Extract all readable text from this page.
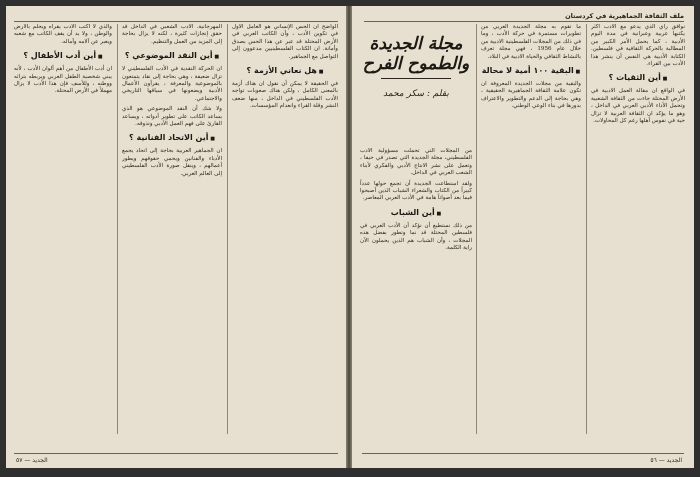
والذي لا اكتب الأدب يقرأه ويحلم بالأرض والوطن ، ولا بد أن يقف الكاتب مع شعبه ويعبر عن آلامه وآماله.

■ أين أدب الأطفال ؟

ان أدب الأطفال من أهم ألوان الأدب ، لأنه يبني شخصية الطفل العربي ويربطه بتراثه ووطنه ، وللأسف فإن هذا الأدب لا يزال مهملاً في الأرض المحتلة.

المهرجانية. الادب الشعبي في الداخل قد حقق إنجازات كثيرة ، لكنه لا يزال بحاجة إلى المزيد من العمل والتنظيم.

■ أين النقد الموضوعي ؟

ان الحركة النقدية في الأدب الفلسطيني لا تزال ضعيفة ، وهي بحاجة إلى نقاد يتمتعون بالموضوعية والمعرفة ، يقرأون الأعمال الأدبية ويضعونها في سياقها التاريخي والاجتماعي.

ولا شك أن النقد الموضوعي هو الذي يساعد الكاتب على تطوير أدواته ، ويساعد القارئ على فهم العمل الأدبي وتذوقه.

■ أين الاتحاد الفنانية ؟

ان الجماهير العربية بحاجة إلى اتحاد يجمع الأدباء والفنانين ويحمي حقوقهم ويطور أعمالهم ، وينقل صورة الأدب الفلسطيني إلى العالم العربي.

الواضح أن الحس الإنساني هو العامل الأول في تكوين الأدب ، وأن الكاتب العربي في الأرض المحتلة قد عبر عن هذا الحس بصدق وأمانة. ان الكتاب الفلسطينيين مدعوون إلى التواصل مع الجماهير.

■ هل نعاني الأزمة ؟

في الحقيقة لا يمكن أن نقول ان هناك أزمة بالمعنى الكامل ، ولكن هناك صعوبات تواجه الأدب الفلسطيني في الداخل ، منها ضعف النشر وقلة القراء وانعدام المؤسسات.

الجديد — ٥٧
ملف الثقافة الجماهيرية في كردستان
مجلة الجديدة
والطموح الفرح
بقلم : سكر محمد

من المجلات التي تحملت مسؤولية الأدب الفلسطيني، مجلة الجديدة التي تصدر في حيفا ، وتعمل على نشر الانتاج الأدبي والفكري لأبناء الشعب العربي في الداخل.

ولقد استطاعت الجديدة أن تجمع حولها عدداً كبيراً من الكتاب والشعراء الشباب الذين أصبحوا فيما بعد أصواتاً هامة في الأدب العربي المعاصر.

■ أين الشباب

من ذلك نستطيع أن نؤكد أن الأدب العربي في فلسطين المحتلة قد نما وتطور بفضل هذه المجلات ، وأن الشباب هم الذين يحملون الآن راية الكلمة.

ما تقوم به مجلة الجديدة العربي من تطويرات مستمرة في حركة الأدب ، وما في ذلك من المجلات الفلسطينية الادبية من خلال عام 1956 ، فهي مجلة تعرف بالنشاط الثقافي والحياة الادبية في البلاد.

■ البقية ١٠٠ أمية لا محالة

والبقية من مجلات الجديدة المعروفة ان تكون علامة الثقافة الجماهيرية الحقيقية ، وهي بحاجة إلى الدعم والتطوير والاعتراف بدورها في بناء الوعي الوطني.

نوافق رأي الذي يدعو مع الأدب أكثر يكتبها عربية وعبرانية في مدة اليوم الأدبية ، كما يحمل الأمر الكبير من المطالبة بالحركة الثقافية في فلسطين. الكتابة الأدبية هي النفس أن ينشر هذا الأدب بين القراء.

■ أين الثقيات ؟

في الواقع ان مقالة العمل الادبية في الأرض المحتلة جاءت من الثقافة الشعبية وتحمل الأداء الأدبي العربي في الداخل ، وهو ما يؤكد ان الثقافة العربية لا تزال حية في نفوس أهلها رغم كل المحاولات.

الجديد — ٥٦
